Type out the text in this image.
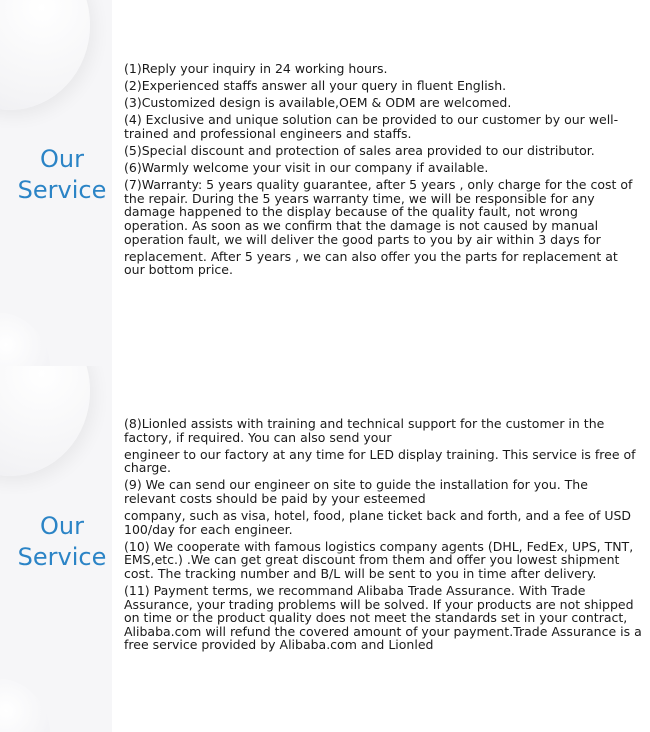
Our
Service

(1)Reply your inquiry in 24 working hours.

(2)Experienced staffs answer all your query in fluent English.

(3)Customized design is available,OEM & ODM are welcomed.

(4) Exclusive and unique solution can be provided to our customer by our well-trained and professional engineers and staffs.

(5)Special discount and protection of sales area provided to our distributor.

(6)Warmly welcome your visit in our company if available.

(7)Warranty: 5 years quality guarantee, after 5 years , only charge for the cost of the repair. During the 5 years warranty time, we will be responsible for any damage happened to the display because of the quality fault, not wrong operation. As soon as we confirm that the damage is not caused by manual operation fault, we will deliver the good parts to you by air within 3 days for

replacement. After 5 years , we can also offer you the parts for replacement at our bottom price.

Our
Service

(8)Lionled assists with training and technical support for the customer in the factory, if required. You can also send your

engineer to our factory at any time for LED display training. This service is free of charge.

(9) We can send our engineer on site to guide the installation for you. The relevant costs should be paid by your esteemed

company, such as visa, hotel, food, plane ticket back and forth, and a fee of USD 100/day for each engineer.

(10) We cooperate with famous logistics company agents (DHL, FedEx, UPS, TNT, EMS,etc.) .We can get great discount from them and offer you lowest shipment cost. The tracking number and B/L will be sent to you in time after delivery.

(11) Payment terms, we recommand Alibaba Trade Assurance. With Trade Assurance, your trading problems will be solved. If your products are not shipped on time or the product quality does not meet the standards set in your contract, Alibaba.com will refund the covered amount of your payment.Trade Assurance is a free service provided by Alibaba.com and Lionled
